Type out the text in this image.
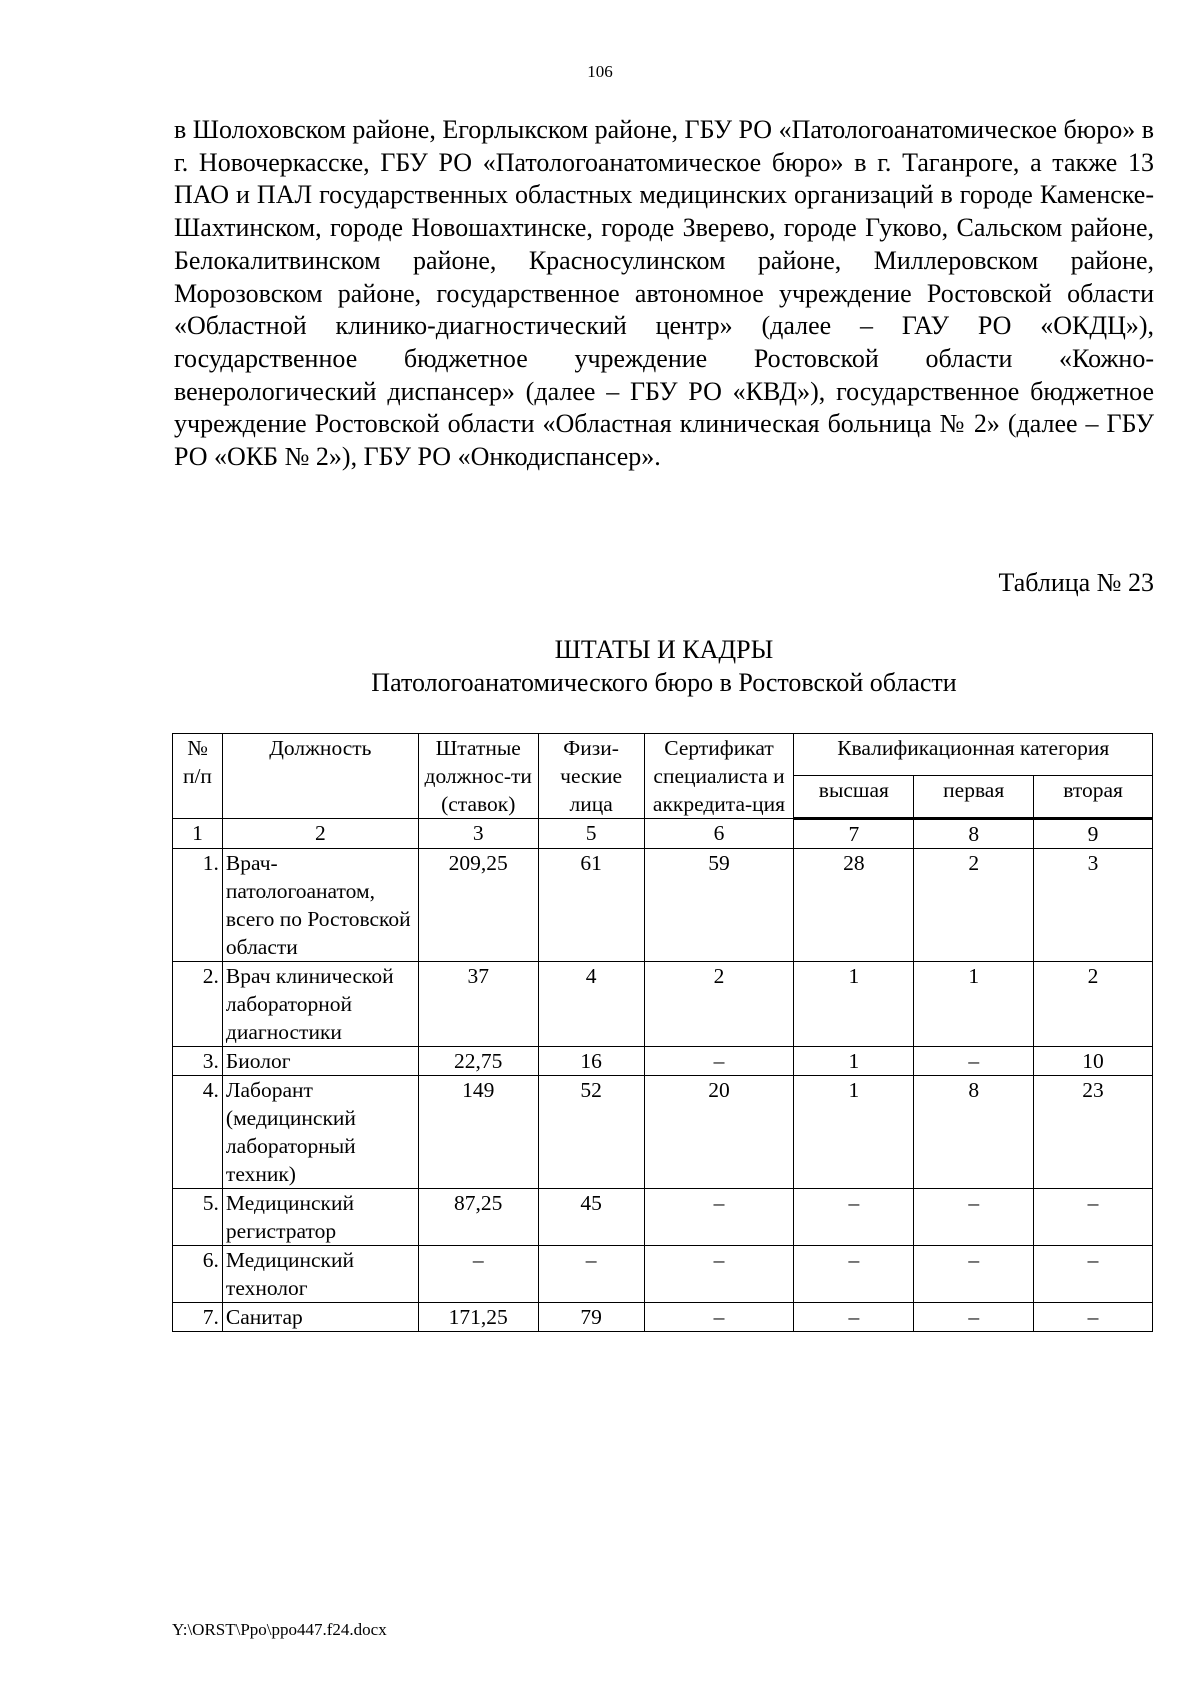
106

в Шолоховском районе, Егорлыкском районе, ГБУ РО «Патологоанатомическое бюро» в г. Новочеркасске, ГБУ РО «Патологоанатомическое бюро» в г. Таганроге, а также 13 ПАО и ПАЛ государственных областных медицинских организаций в городе Каменске-Шахтинском, городе Новошахтинске, городе Зверево, городе Гуково, Сальском районе, Белокалитвинском районе, Красносулинском районе, Миллеровском районе, Морозовском районе, государственное автономное учреждение Ростовской области «Областной клинико-диагностический центр» (далее – ГАУ РО «ОКДЦ»), государственное бюджетное учреждение Ростовской области «Кожно-венерологический диспансер» (далее – ГБУ РО «КВД»), государственное бюджетное учреждение Ростовской области «Областная клиническая больница № 2» (далее – ГБУ РО «ОКБ № 2»), ГБУ РО «Онкодиспансер».

Таблица № 23
ШТАТЫ И КАДРЫ
Патологоанатомического бюро в Ростовской области
№ п/п	Должность	Штатные должнос-ти (ставок)	Физи-ческие лица	Сертификат специалиста и аккредита-ция	Квалификационная категория		
					высшая	первая	вторая
1	2	3	5	6	7	8	9
1.	Врач-патологоанатом, всего по Ростовской области	209,25	61	59	28	2	3
2.	Врач клинической лабораторной диагностики	37	4	2	1	1	2
3.	Биолог	22,75	16	–	1	–	10
4.	Лаборант (медицинский лабораторный техник)	149	52	20	1	8	23
5.	Медицинский регистратор	87,25	45	–	–	–	–
6.	Медицинский технолог	–	–	–	–	–	–
7.	Санитар	171,25	79	–	–	–	–
Y:\ORST\Ppo\ppo447.f24.docx
